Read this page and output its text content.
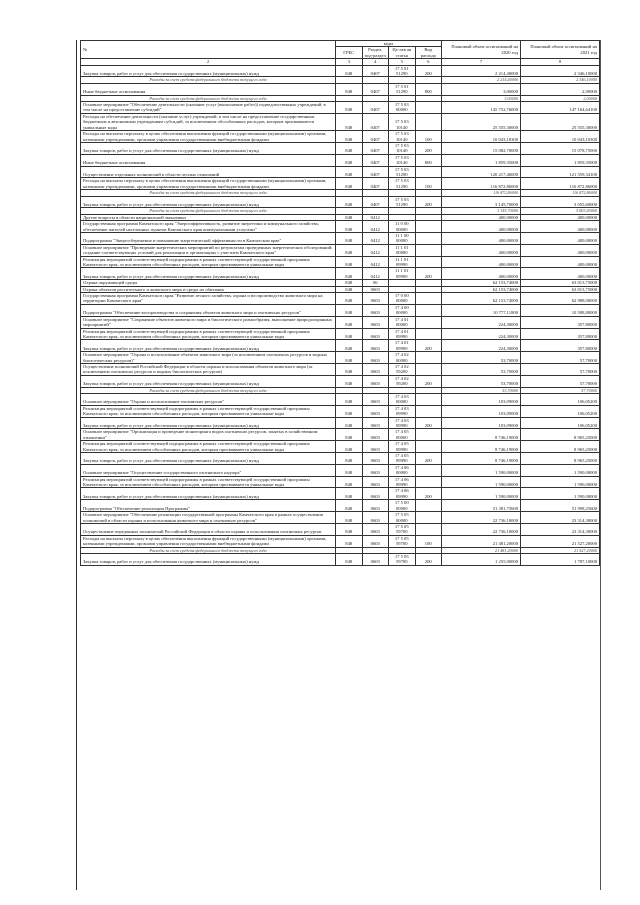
№	коды				Плановый объем ассигнований на 2020 год	Плановый объем ассигнований на 2021 год
	ГРБС	Раздел, под-раздел	Це-лев ая статья	Вид расхода		
2	3	4	5	6	7	8
Закупка товаров, работ и услуг для обеспечения государственных (муниципальных) нужд	848	0407	17 5 01 51290	200	2 214,40000	2 346,10000
Расходы за счет средств федерального бюджета текущего года					2 214,40000	2 346,10000
Иные бюджетные ассигнования	848	0407	17 5 01 51290	800	3,00000	2,00000
Расходы за счет средств федерального бюджета текущего года					3,00000	2,00000
Основное мероприятие "Обеспечение деятельности (оказание услуг (выполнение работ)) подведомственных учреждений, в том числе на предоставление субсидий"	848	0407	17 5 03 00000		145 752,76000	147 164,64100
Расходы на обеспечение деятельности (оказание услуг) учреждений, в том числе на предоставление государственным бюджетным и автономным учреждениям субсидий, за исключением обособленных расходов, которым присваиваются уникальные коды	848	0407	17 5 03 10140		25 555,30000	25 555,30000
Расходы на выплаты персоналу в целях обеспечения выполнения функций государственными (муниципальными) органами, казенными учреждениями, органами управления государственными внебюджетными фондами	848	0407	17 5 03 10140	100	10 043,10300	10 043,10300
Закупка товаров, работ и услуг для обеспечения государственных (муниципальных) нужд	848	0407	17 5 03 10140	200	15 082,70000	15 078,75000
Иные бюджетные ассигнования	848	0407	17 5 03 10140	800	1 859,35000	1 859,35000
Осуществление отдельных полномочий в области лесных отношений	848	0407	17 5 03 51290		120 217,46000	121 559,34100
Расходы на выплаты персоналу в целях обеспечения выполнения функций государственными (муниципальными) органами, казенными учреждениями, органами управления государственными внебюджетными фондами	848	0407	17 5 03 51290	100	116 872,86000	116 872,86000
Расходы за счет средств федерального бюджета текущего года					116 872,86000	116 872,86000
Закупка товаров, работ и услуг для обеспечения государственных (муниципальных) нужд	848	0407	17 5 03 51290	200	3 145,70000	3 055,60000
Расходы за счет средств федерального бюджета текущего года					3 145,70000	5 803,40000
Другие вопросы в области национальной экономики	848	0412			400,00000	400,00000
Государственная программа Камчатского края "Энергоэффективность, развитие энергетики и коммунального хозяйства, обеспечение жителей населенных пунктов Камчатского края коммунальными услугами"	848	0412	11 0 00 00000		400,00000	400,00000
Подпрограмма "Энергосбережение и повышение энергетической эффективности в Камчатском крае"	848	0412	11 1 00 00000		400,00000	400,00000
Основное мероприятие "Проведение энергетических мероприятий по результатам проведенных энергетических обследований; создание соответствующих условий для реализации в организациях с участием Камчатского края"	848	0412	11 1 01 00000		400,00000	400,00000
Реализация мероприятий соответствующей подпрограммы в рамках соответствующей государственной программы Камчатского края, за исключением обособленных расходов, которым присваиваются уникальные коды	848	0412	11 1 01 09990		400,00000	400,00000
Закупка товаров, работ и услуг для обеспечения государственных (муниципальных) нужд	848	0412	11 1 01 09990	200	400,00000	400,00000
Охрана окружающей среды	848	06			62 153,74000	63 013,75000
Охрана объектов растительного и животного мира и среды их обитания	848	0603			62 153,74000	63 013,75000
Государственная программа Камчатского края "Развитие лесного хозяйства, охрана и воспроизводство животного мира на территории Камчатского края"	848	0603	17 0 00 00000		62 153,74000	62 988,00000
Подпрограмма "Обеспечение воспроизводства и сохранения объектов животного мира и охотничьих ресурсов"	848	0603	17 4 00 00000		10 777,11800	10 588,80000
Основное мероприятие "Сохранение объектов животного мира и биологического разнообразия, выполнение природоохранных мероприятий"	848	0603	17 4 01 00000		224,30000	357,80000
Реализация мероприятий соответствующей подпрограммы в рамках соответствующей государственной программы Камчатского края, за исключением обособленных расходов, которым присваиваются уникальные коды	848	0603	17 4 01 09990		224,30000	357,80000
Закупка товаров, работ и услуг для обеспечения государственных (муниципальных) нужд	848	0603	17 4 01 09990	200	224,30000	357,80000
Основное мероприятие "Охрана и использование объектов животного мира (за исключением охотничьих ресурсов и водных биологических ресурсов)"	848	0603	17 4 02 00000		53,70000	57,70000
Осуществление полномочий Российской Федерации в области охраны и использования объектов животного мира (за исключением охотничьих ресурсов и водных биологических ресурсов)	848	0603	17 4 02 59200		53,70000	57,70000
Закупка товаров, работ и услуг для обеспечения государственных (муниципальных) нужд	848	0603	17 4 02 59200	200	53,70000	57,70000
Расходы за счет средств федерального бюджета текущего года					53,70000	57,70000
Основное мероприятие "Охрана и использование охотничьих ресурсов"	848	0603	17 4 03 00000		103,09000	106,05200
Реализация мероприятий соответствующей подпрограммы в рамках соответствующей государственной программы Камчатского края, за исключением обособленных расходов, которым присваиваются уникальные коды	848	0603	17 4 03 09990		103,09000	106,05200
Закупка товаров, работ и услуг для обеспечения государственных (муниципальных) нужд	848	0603	17 4 03 09990	200	103,09000	106,05200
Основное мероприятие "Организация и проведение мониторинга видов охотничьих ресурсов, занятых в хозяйственном отношении"	848	0603	17 4 05 00000		8 746,19000	8 965,25000
Реализация мероприятий соответствующей подпрограммы в рамках соответствующей государственной программы Камчатского края, за исключением обособленных расходов, которым присваиваются уникальные коды	848	0603	17 4 05 09990		8 746,19000	8 965,25000
Закупка товаров, работ и услуг для обеспечения государственных (муниципальных) нужд	848	0603	17 4 05 09990	200	8 746,19000	8 965,25000
Основное мероприятие "Осуществление государственного охотничьего надзора"	848	0603	17 4 06 00000		1 590,00000	1 590,00000
Реализация мероприятий соответствующей подпрограммы в рамках соответствующей государственной программы Камчатского края, за исключением обособленных расходов, которым присваиваются уникальные коды	848	0603	17 4 06 09990		1 590,00000	1 590,00000
Закупка товаров, работ и услуг для обеспечения государственных (муниципальных) нужд	848	0603	17 4 06 09990	200	1 590,00000	1 590,00000
Подпрограмма "Обеспечение реализации Программы"	848	0603	17 5 00 00000		51 381,75600	51 998,25600
Основное мероприятие "Обеспечение реализации государственной программы Камчатского края в рамках осуществления полномочий в области охраны и использования животного мира и охотничьих ресурсов"	848	0603	17 5 05 00000		22 736,10000	23 314,30000
Осуществление переданных полномочий Российской Федерации в области охраны и использования охотничьих ресурсов	848	0603	17 5 05 59700		22 736,10000	23 314,30000
Расходы на выплаты персоналу в целях обеспечения выполнения функций государственными (муниципальными) органами, казенными учреждениями, органами управления государственными внебюджетными фондами	848	0603	17 5 05 59700	100	21 481,20000	21 527,20000
Расходы за счет средств федерального бюджета текущего года					21 481,20000	21 527,20000
Закупка товаров, работ и услуг для обеспечения государственных (муниципальных) нужд	848	0603	17 5 05 59700	200	1 255,00000	1 787,10000
